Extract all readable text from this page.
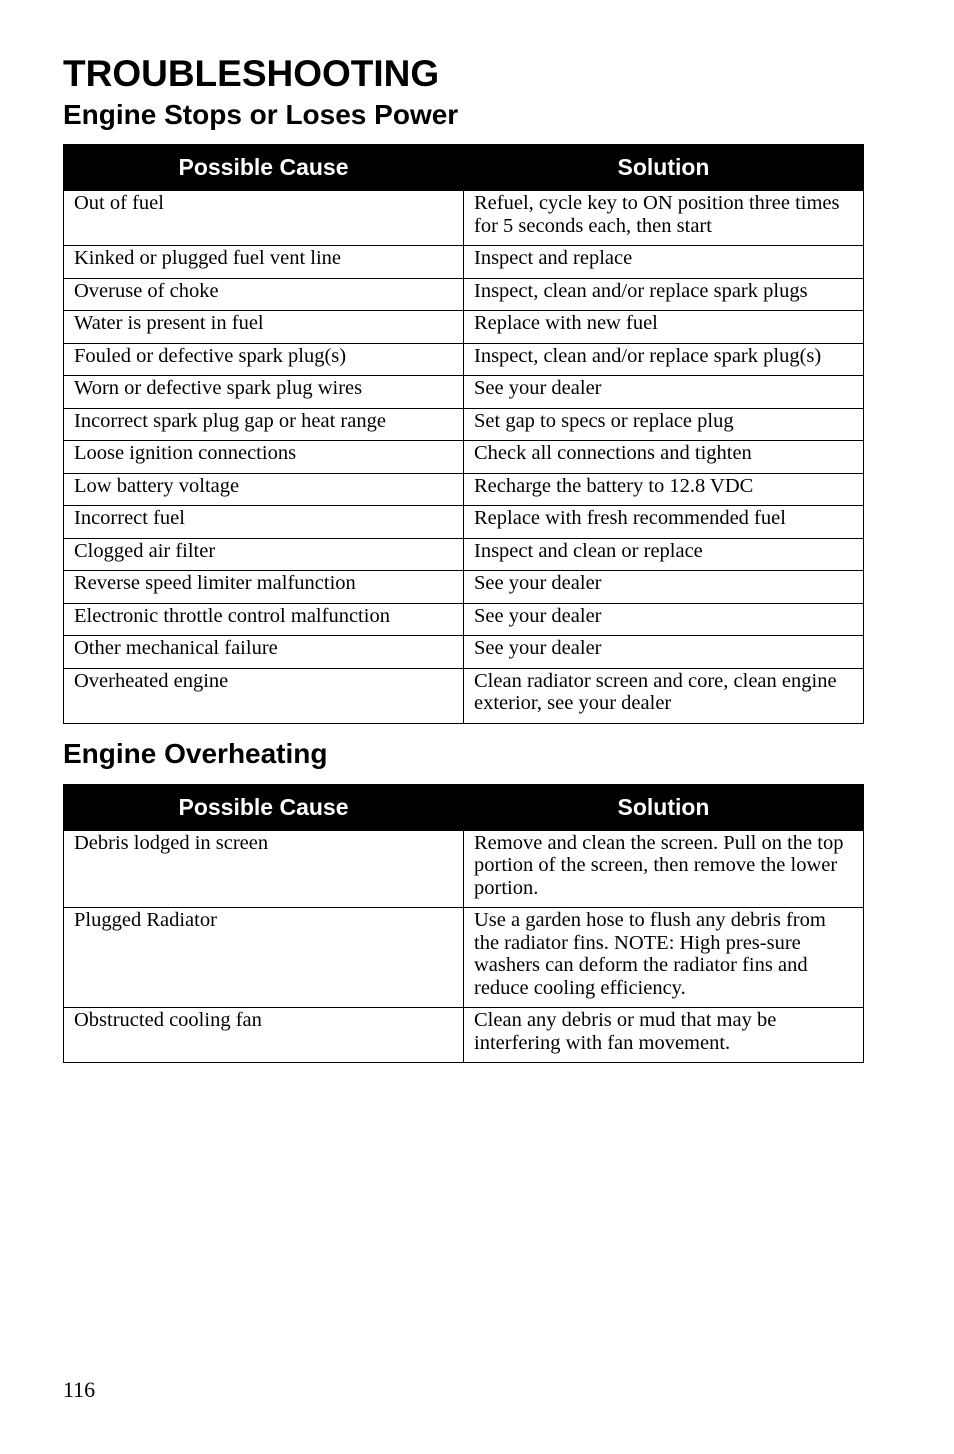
TROUBLESHOOTING
Engine Stops or Loses Power
Possible Cause	Solution
Out of fuel	Refuel, cycle key to ON position three times for 5 seconds each, then start
Kinked or plugged fuel vent line	Inspect and replace
Overuse of choke	Inspect, clean and/or replace spark plugs
Water is present in fuel	Replace with new fuel
Fouled or defective spark plug(s)	Inspect, clean and/or replace spark plug(s)
Worn or defective spark plug wires	See your dealer
Incorrect spark plug gap or heat range	Set gap to specs or replace plug
Loose ignition connections	Check all connections and tighten
Low battery voltage	Recharge the battery to 12.8 VDC
Incorrect fuel	Replace with fresh recommended fuel
Clogged air filter	Inspect and clean or replace
Reverse speed limiter malfunction	See your dealer
Electronic throttle control malfunction	See your dealer
Other mechanical failure	See your dealer
Overheated engine	Clean radiator screen and core, clean engine exterior, see your dealer
Engine Overheating
Possible Cause	Solution
Debris lodged in screen	Remove and clean the screen. Pull on the top portion of the screen, then remove the lower portion.
Plugged Radiator	Use a garden hose to flush any debris from the radiator fins. NOTE: High pres-sure washers can deform the radiator fins and reduce cooling efficiency.
Obstructed cooling fan	Clean any debris or mud that may be interfering with fan movement.
116
